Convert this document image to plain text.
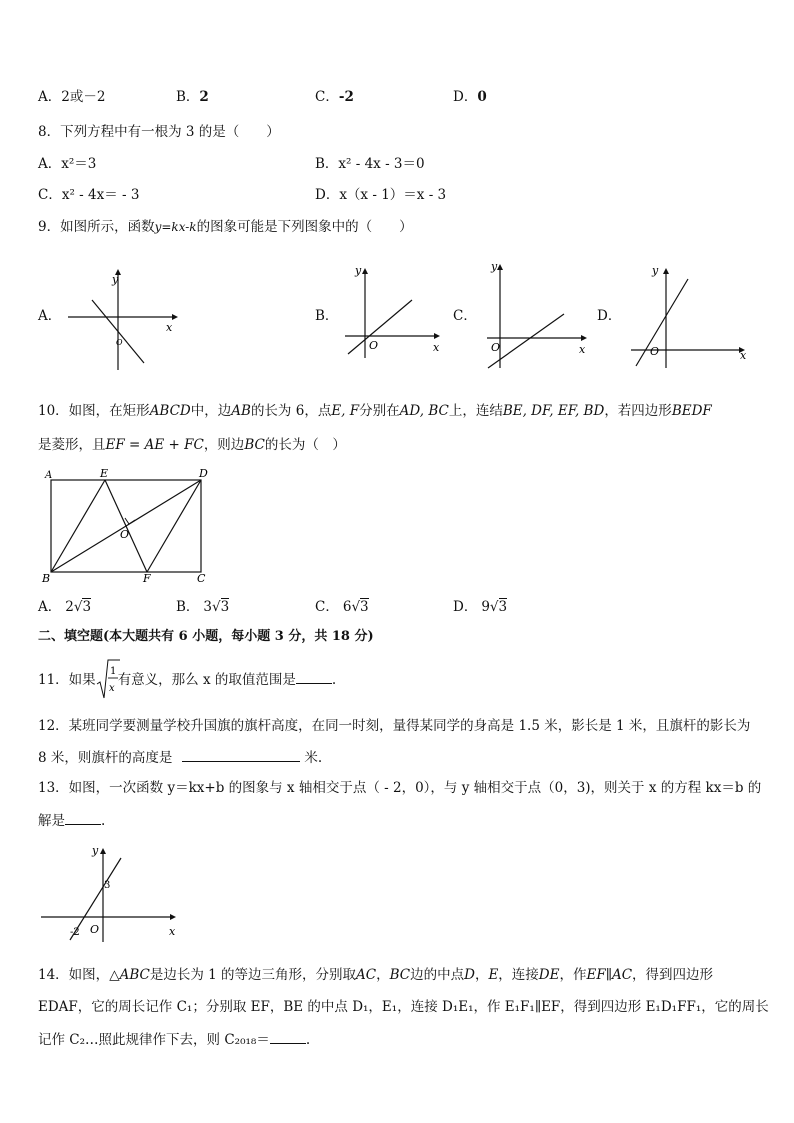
A．2或－2	B．2	C．-2	D．0
8．下列方程中有一根为 3 的是（　　）
A．x²＝3	B．x² - 4x - 3＝0
C．x² - 4x＝ - 3	D．x（x - 1）＝x - 3
9．如图所示，函数y=kx-k的图象可能是下列图象中的（　　）
A．	B．	C．	D．
x
y
O	x
y
O	x
y
O
x
y
O
10．如图，在矩形ABCD中，边AB的长为 6，点E, F分别在AD, BC上，连结BE, DF, EF, BD，若四边形BEDF
是菱形，且EF = AE + FC，则边BC的长为（　）
A	E	D
O
B	F	C
A． 2√3	B． 3√3	C． 6√3	D． 9√3
二、填空题(本大题共有 6 小题，每小题 3 分，共 18 分)
11．如果
1
x 有意义，那么 x 的取值范围是	.
12．某班同学要测量学校升国旗的旗杆高度，在同一时刻，量得某同学的身高是 1.5 米，影长是 1 米，且旗杆的影长为
8 米，则旗杆的高度是	米.
13．如图，一次函数 y＝kx+b 的图象与 x 轴相交于点（ - 2，0），与 y 轴相交于点（0，3)，则关于 x 的方程 kx＝b 的
解是	.
x
y
O
3
-2
14．如图，△ABC是边长为 1 的等边三角形，分别取AC，BC边的中点D，E，连接DE，作EF∥AC，得到四边形
EDAF，它的周长记作 C₁；分别取 EF，BE 的中点 D₁，E₁，连接 D₁E₁，作 E₁F₁∥EF，得到四边形 E₁D₁FF₁，它的周长
记作 C₂…照此规律作下去，则 C₂₀₁₈＝	.
